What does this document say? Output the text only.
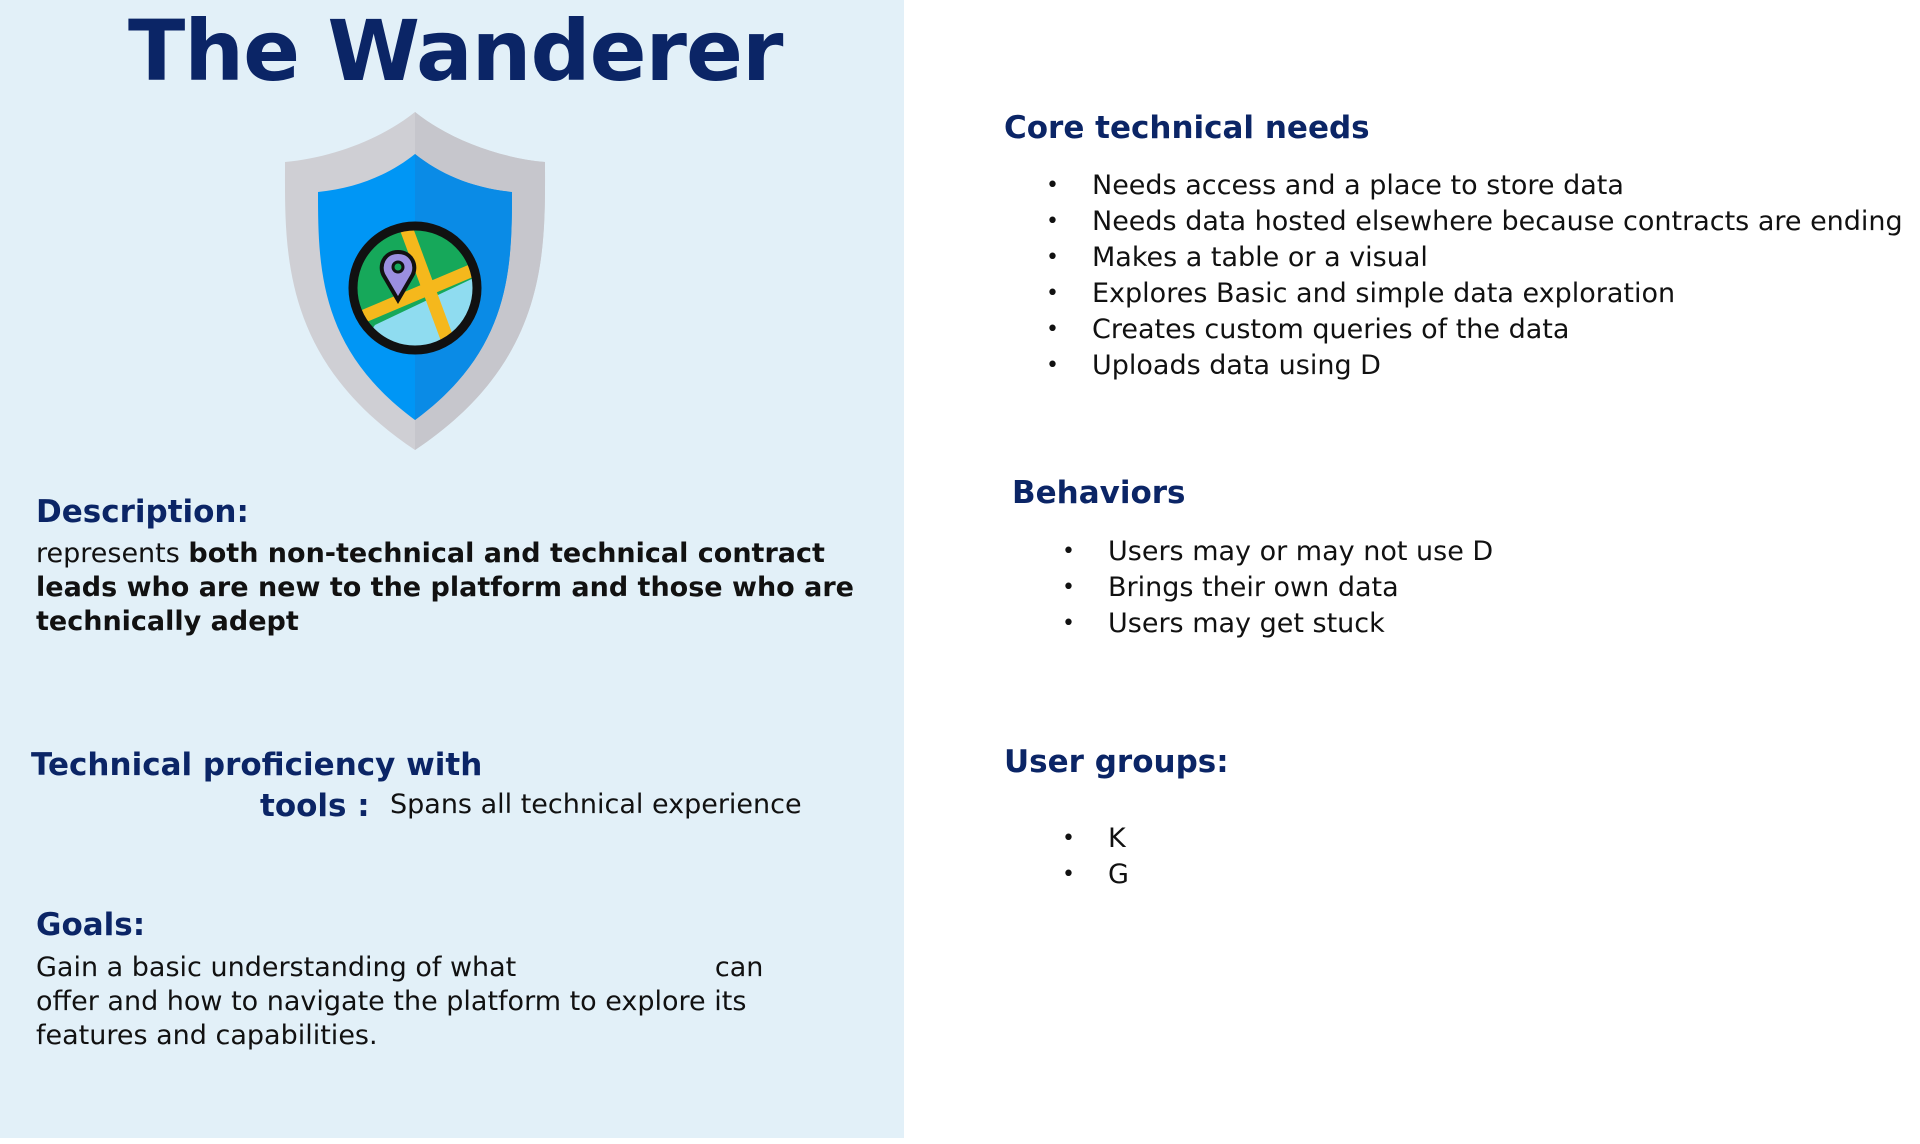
The Wanderer
Description:
represents both non-technical and technical contract leads who are new to the platform and those who are technically adept
Technical proficiency with
tools : Spans all technical experience
Goals:
Gain a basic understanding of what	can offer and how to navigate the platform to explore its features and capabilities.
Core technical needs
• Needs access and a place to store data
• Needs data hosted elsewhere because contracts are ending
• Makes a table or a visual
• Explores Basic and simple data exploration
• Creates custom queries of the data
• Uploads data using D
Behaviors
• Users may or may not use D
• Brings their own data
• Users may get stuck
User groups:
• K
• G
